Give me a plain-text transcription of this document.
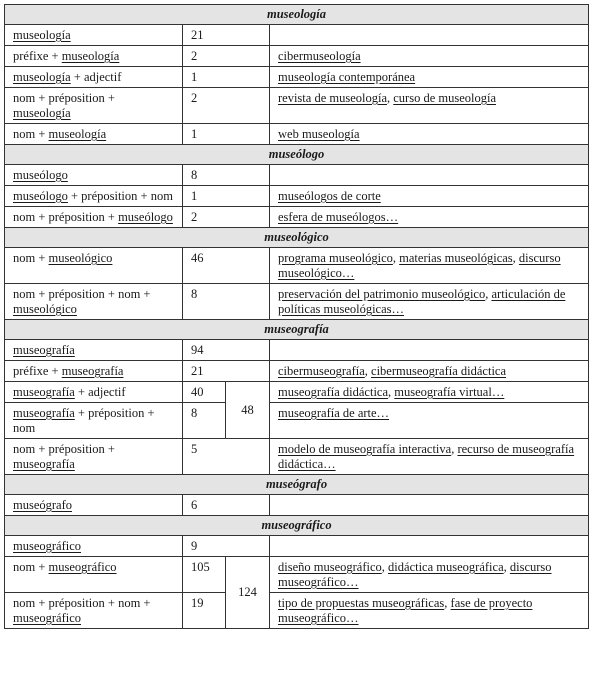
museología			
museología	21		
préfixe + museología	2		cibermuseología
museología + adjectif	1		museología contemporánea
nom + préposition + museología	2		revista de museología, curso de museología
nom + museología	1		web museología
museólogo			
museólogo	8		
museólogo + préposition + nom	1		museólogos de corte
nom + préposition + museólogo	2		esfera de museólogos…
museológico			
nom + museológico	46		programa museológico, materias museológicas, discurso museológico…
nom + préposition + nom + museológico	8		preservación del patrimonio museológico, articulación de políticas museológicas…
museografía			
museografía	94		
préfixe + museografía	21		cibermuseografía, cibermuseografía didáctica
museografía + adjectif	40	48	museografía didáctica, museografía virtual…
museografía + préposition + nom	8		museografía de arte…
nom + préposition + museografía	5		modelo de museografía interactiva, recurso de museografía didáctica…
museógrafo			
museógrafo	6		
museográfico			
museográfico	9		
nom + museográfico	105	124	diseño museográfico, didáctica museográfica, discurso museográfico…
nom + préposition + nom + museográfico	19		tipo de propuestas museográficas, fase de proyecto museográfico…
